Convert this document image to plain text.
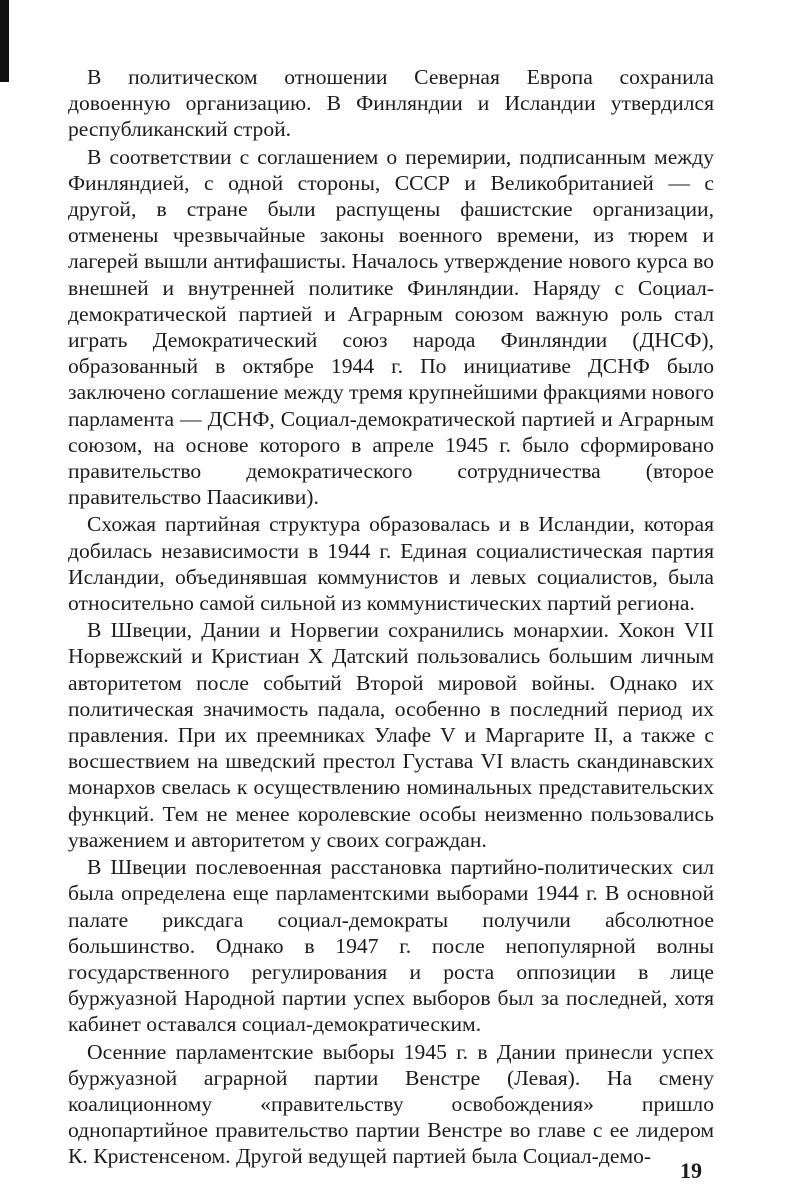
В политическом отношении Северная Европа сохранила довоенную организацию. В Финляндии и Исландии утвердился республиканский строй.

В соответствии с соглашением о перемирии, подписанным между Финляндией, с одной стороны, СССР и Великобританией — с другой, в стране были распущены фашистские организации, отменены чрезвычайные законы военного времени, из тюрем и лагерей вышли антифашисты. Началось утверждение нового курса во внешней и внутренней политике Финляндии. Наряду с Социал-демократической партией и Аграрным союзом важную роль стал играть Демократический союз народа Финляндии (ДНСФ), образованный в октябре 1944 г. По инициативе ДСНФ было заключено соглашение между тремя крупнейшими фракциями нового парламента — ДСНФ, Социал-демократической партией и Аграрным союзом, на основе которого в апреле 1945 г. было сформировано правительство демократического сотрудничества (второе правительство Паасикиви).

Схожая партийная структура образовалась и в Исландии, которая добилась независимости в 1944 г. Единая социалистическая партия Исландии, объединявшая коммунистов и левых социалистов, была относительно самой сильной из коммунистических партий региона.

В Швеции, Дании и Норвегии сохранились монархии. Хокон VII Норвежский и Кристиан X Датский пользовались большим личным авторитетом после событий Второй мировой войны. Однако их политическая значимость падала, особенно в последний период их правления. При их преемниках Улафе V и Маргарите II, а также с восшествием на шведский престол Густава VI власть скандинавских монархов свелась к осуществлению номинальных представительских функций. Тем не менее королевские особы неизменно пользовались уважением и авторитетом у своих сограждан.

В Швеции послевоенная расстановка партийно-политических сил была определена еще парламентскими выборами 1944 г. В основной палате риксдага социал-демократы получили абсолютное большинство. Однако в 1947 г. после непопулярной волны государственного регулирования и роста оппозиции в лице буржуазной Народной партии успех выборов был за последней, хотя кабинет оставался социал-демократическим.

Осенние парламентские выборы 1945 г. в Дании принесли успех буржуазной аграрной партии Венстре (Левая). На смену коалиционному «правительству освобождения» пришло однопартийное правительство партии Венстре во главе с ее лидером К. Кристенсеном. Другой ведущей партией была Социал-демо-

19
